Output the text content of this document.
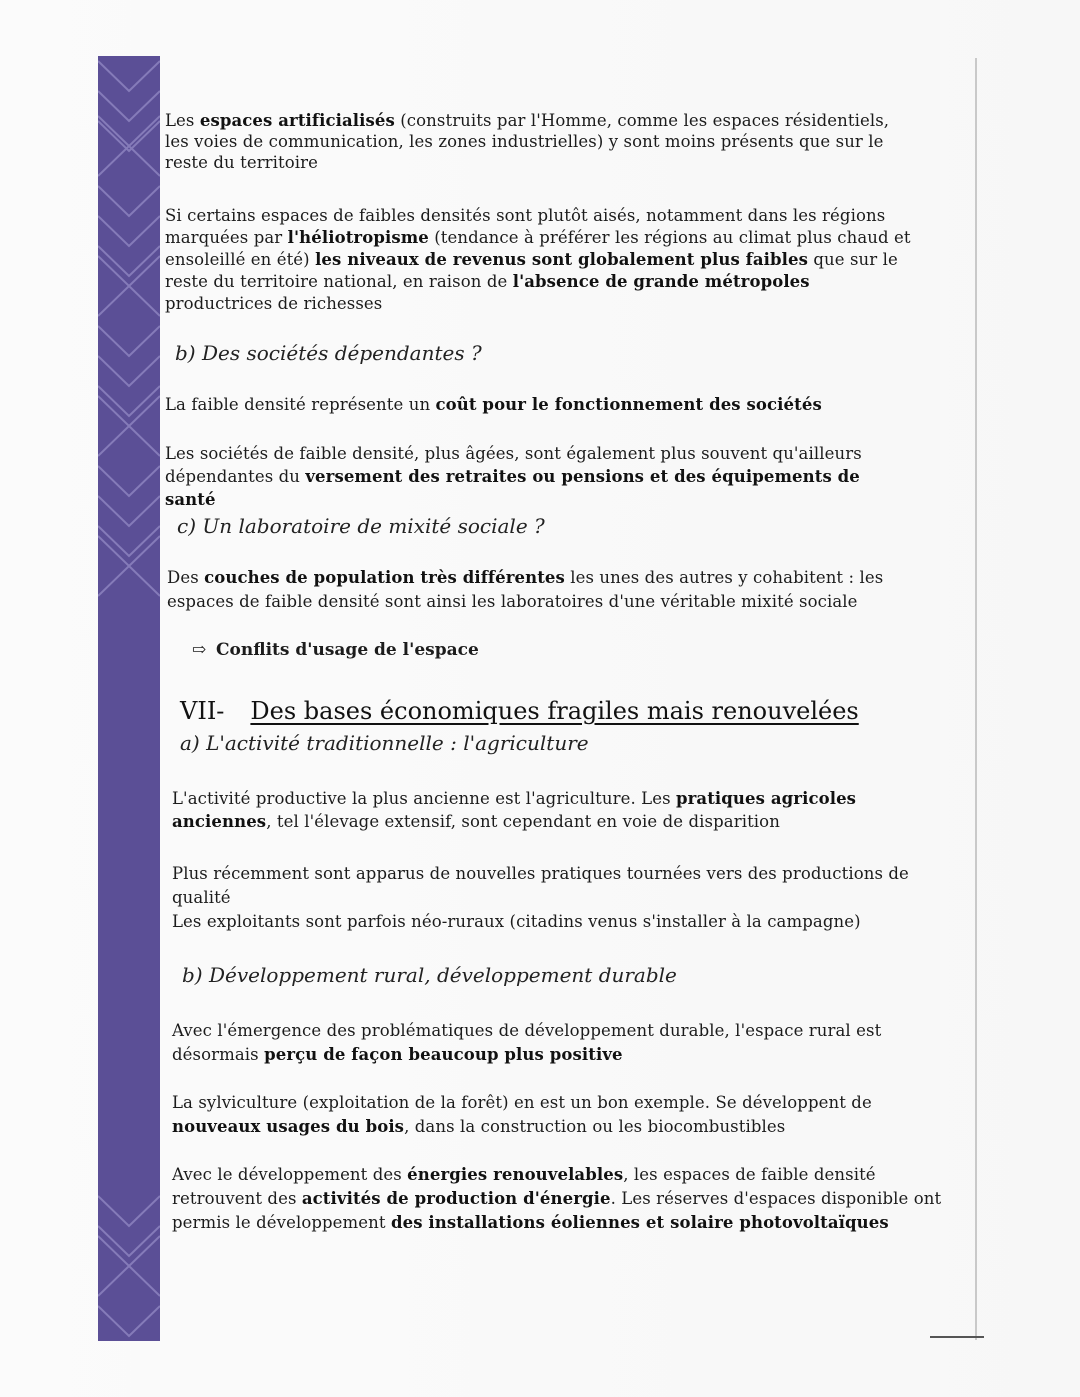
Les espaces artificialisés (construits par l'Homme, comme les espaces résidentiels, les voies de communication, les zones industrielles) y sont moins présents que sur le reste du territoire
Si certains espaces de faibles densités sont plutôt aisés, notamment dans les régions marquées par l'héliotropisme (tendance à préférer les régions au climat plus chaud et ensoleillé en été) les niveaux de revenus sont globalement plus faibles que sur le reste du territoire national, en raison de l'absence de grande métropoles productrices de richesses
b) Des sociétés dépendantes ?
La faible densité représente un coût pour le fonctionnement des sociétés
Les sociétés de faible densité, plus âgées, sont également plus souvent qu'ailleurs dépendantes du versement des retraites ou pensions et des équipements de santé
c) Un laboratoire de mixité sociale ?
Des couches de population très différentes les unes des autres y cohabitent : les espaces de faible densité sont ainsi les laboratoires d'une véritable mixité sociale
⇨ Conflits d'usage de l'espace
VII- Des bases économiques fragiles mais renouvelées
a) L'activité traditionnelle : l'agriculture
L'activité productive la plus ancienne est l'agriculture. Les pratiques agricoles anciennes, tel l'élevage extensif, sont cependant en voie de disparition
Plus récemment sont apparus de nouvelles pratiques tournées vers des productions de qualité
Les exploitants sont parfois néo-ruraux (citadins venus s'installer à la campagne)
b) Développement rural, développement durable
Avec l'émergence des problématiques de développement durable, l'espace rural est désormais perçu de façon beaucoup plus positive
La sylviculture (exploitation de la forêt) en est un bon exemple. Se développent de nouveaux usages du bois, dans la construction ou les biocombustibles
Avec le développement des énergies renouvelables, les espaces de faible densité retrouvent des activités de production d'énergie. Les réserves d'espaces disponible ont permis le développement des installations éoliennes et solaire photovoltaïques
